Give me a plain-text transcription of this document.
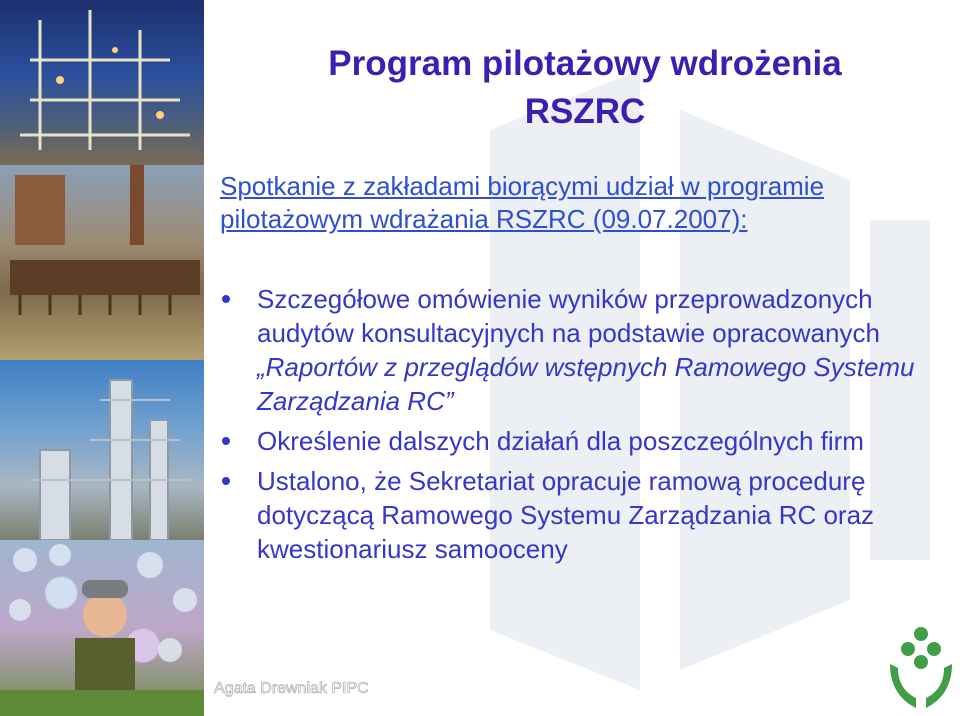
Program pilotażowy wdrożenia
RSZRC
Spotkanie z zakładami biorącymi udział w programie pilotażowym wdrażania RSZRC (09.07.2007):
Szczegółowe omówienie wyników przeprowadzonych audytów konsultacyjnych na podstawie opracowanych „Raportów z przeglądów wstępnych Ramowego Systemu Zarządzania RC”
Określenie dalszych działań dla poszczególnych firm
Ustalono, że Sekretariat opracuje ramową procedurę dotyczącą Ramowego Systemu Zarządzania RC oraz kwestionariusz samooceny
Agata Drewniak PIPC
